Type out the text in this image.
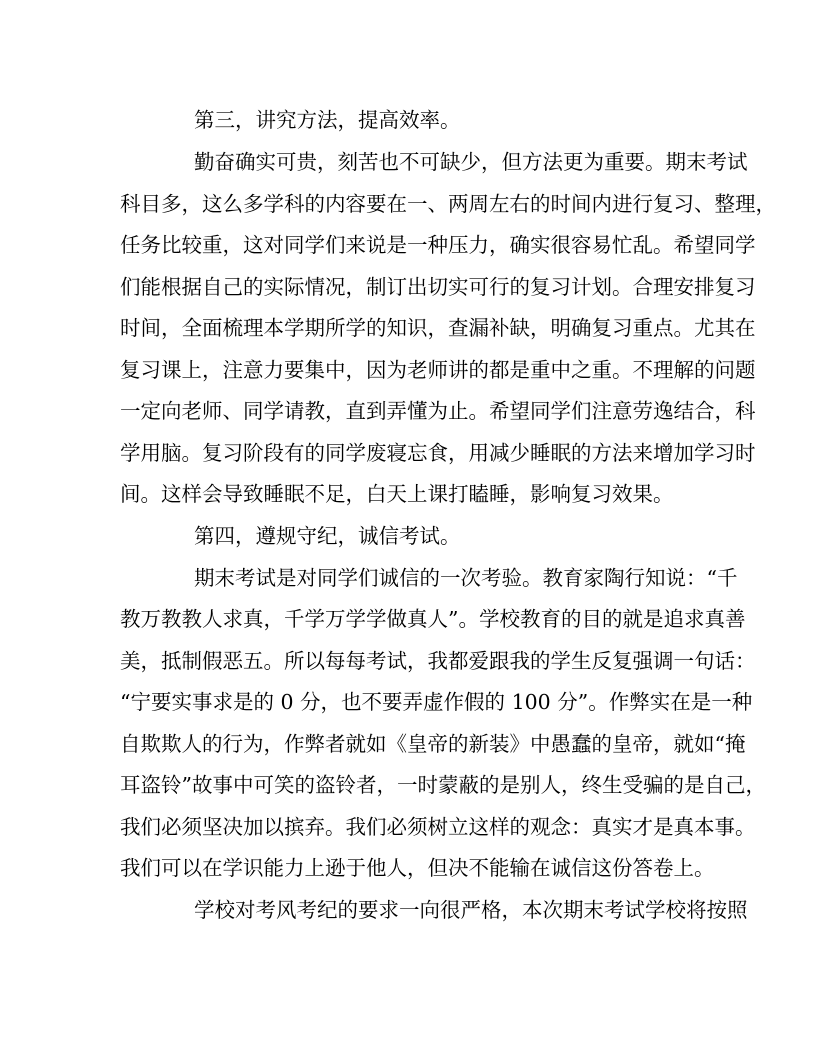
第三，讲究方法，提高效率。
勤奋确实可贵，刻苦也不可缺少，但方法更为重要。期末考试
科目多，这么多学科的内容要在一、两周左右的时间内进行复习、整理，
任务比较重，这对同学们来说是一种压力，确实很容易忙乱。希望同学
们能根据自己的实际情况，制订出切实可行的复习计划。合理安排复习
时间，全面梳理本学期所学的知识，查漏补缺，明确复习重点。尤其在
复习课上，注意力要集中，因为老师讲的都是重中之重。不理解的问题
一定向老师、同学请教，直到弄懂为止。希望同学们注意劳逸结合，科
学用脑。复习阶段有的同学废寝忘食，用减少睡眠的方法来增加学习时
间。这样会导致睡眠不足，白天上课打瞌睡，影响复习效果。
第四，遵规守纪，诚信考试。
期末考试是对同学们诚信的一次考验。教育家陶行知说：“千
教万教教人求真，千学万学学做真人”。学校教育的目的就是追求真善
美，抵制假恶五。所以每每考试，我都爱跟我的学生反复强调一句话：
“宁要实事求是的 0 分，也不要弄虚作假的 100 分”。作弊实在是一种
自欺欺人的行为，作弊者就如《皇帝的新装》中愚蠢的皇帝，就如“掩
耳盗铃”故事中可笑的盗铃者，一时蒙蔽的是别人，终生受骗的是自己，
我们必须坚决加以摈弃。我们必须树立这样的观念：真实才是真本事。
我们可以在学识能力上逊于他人，但决不能输在诚信这份答卷上。
学校对考风考纪的要求一向很严格，本次期末考试学校将按照
